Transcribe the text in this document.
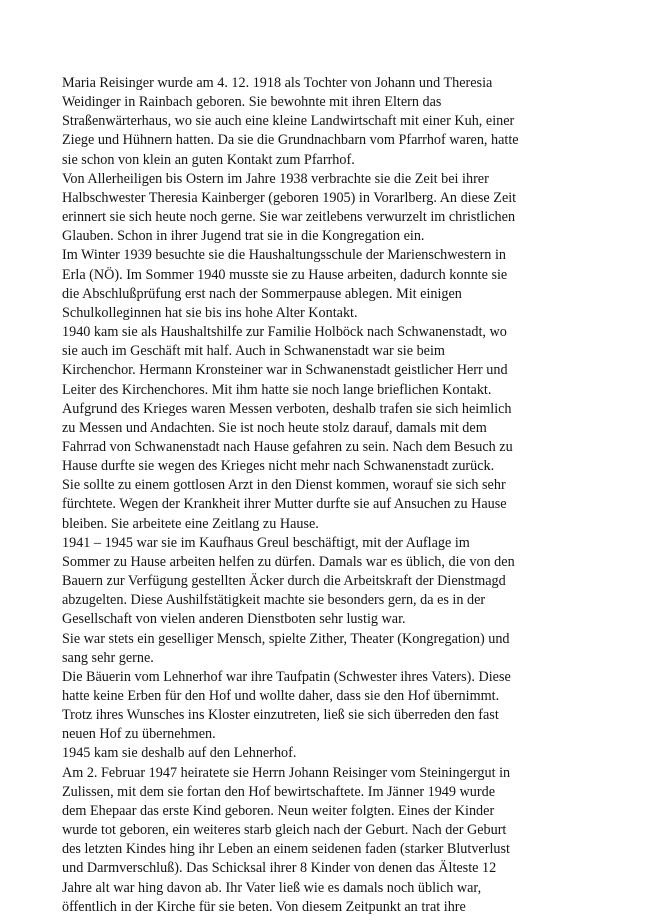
Maria Reisinger wurde am 4. 12. 1918 als Tochter von Johann und Theresia
Weidinger in Rainbach geboren. Sie bewohnte mit ihren Eltern das
Straßenwärterhaus, wo sie auch eine kleine Landwirtschaft mit einer Kuh, einer
Ziege und Hühnern hatten. Da sie die Grundnachbarn vom Pfarrhof waren, hatte
sie schon von klein an guten Kontakt zum Pfarrhof.
Von Allerheiligen bis Ostern im Jahre 1938 verbrachte sie die Zeit bei ihrer
Halbschwester Theresia Kainberger (geboren 1905) in Vorarlberg. An diese Zeit
erinnert sie sich heute noch gerne. Sie war zeitlebens verwurzelt im christlichen
Glauben. Schon in ihrer Jugend trat sie in die Kongregation ein.
Im Winter 1939 besuchte sie die Haushaltungsschule der Marienschwestern in
Erla (NÖ). Im Sommer 1940 musste sie zu Hause arbeiten, dadurch konnte sie
die Abschlußprüfung erst nach der Sommerpause ablegen. Mit einigen
Schulkolleginnen hat sie bis ins hohe Alter Kontakt.
1940 kam sie als Haushaltshilfe zur Familie Holböck nach Schwanenstadt, wo
sie auch im Geschäft mit half. Auch in Schwanenstadt war sie beim
Kirchenchor. Hermann Kronsteiner war in Schwanenstadt geistlicher Herr und
Leiter des Kirchenchores. Mit ihm hatte sie noch lange brieflichen Kontakt.
Aufgrund des Krieges waren Messen verboten, deshalb trafen sie sich heimlich
zu Messen und Andachten. Sie ist noch heute stolz darauf, damals mit dem
Fahrrad von Schwanenstadt nach Hause gefahren zu sein. Nach dem Besuch zu
Hause durfte sie wegen des Krieges nicht mehr nach Schwanenstadt zurück.
Sie sollte zu einem gottlosen Arzt in den Dienst kommen, worauf sie sich sehr
fürchtete. Wegen der Krankheit ihrer Mutter durfte sie auf Ansuchen zu Hause
bleiben. Sie arbeitete eine Zeitlang zu Hause.
1941 – 1945 war sie im Kaufhaus Greul beschäftigt, mit der Auflage im
Sommer zu Hause arbeiten helfen zu dürfen. Damals war es üblich, die von den
Bauern zur Verfügung gestellten Äcker durch die Arbeitskraft der Dienstmagd
abzugelten. Diese Aushilfstätigkeit machte sie besonders gern, da es in der
Gesellschaft von vielen anderen Dienstboten sehr lustig war.
Sie war stets ein geselliger Mensch, spielte Zither, Theater (Kongregation) und
sang sehr gerne.
Die Bäuerin vom Lehnerhof war ihre Taufpatin (Schwester ihres Vaters). Diese
hatte keine Erben für den Hof und wollte daher, dass sie den Hof übernimmt.
Trotz ihres Wunsches ins Kloster einzutreten, ließ sie sich überreden den fast
neuen Hof zu übernehmen.
1945 kam sie deshalb auf den Lehnerhof.
Am 2. Februar 1947 heiratete sie Herrn Johann Reisinger vom Steiningergut in
Zulissen, mit dem sie fortan den Hof bewirtschaftete. Im Jänner 1949 wurde
dem Ehepaar das erste Kind geboren. Neun weiter folgten. Eines der Kinder
wurde tot geboren, ein weiteres starb gleich nach der Geburt. Nach der Geburt
des letzten Kindes hing ihr Leben an einem seidenen faden (starker Blutverlust
und Darmverschluß). Das Schicksal ihrer 8 Kinder von denen das Älteste 12
Jahre alt war hing davon ab. Ihr Vater ließ wie es damals noch üblich war,
öffentlich in der Kirche für sie beten. Von diesem Zeitpunkt an trat ihre
